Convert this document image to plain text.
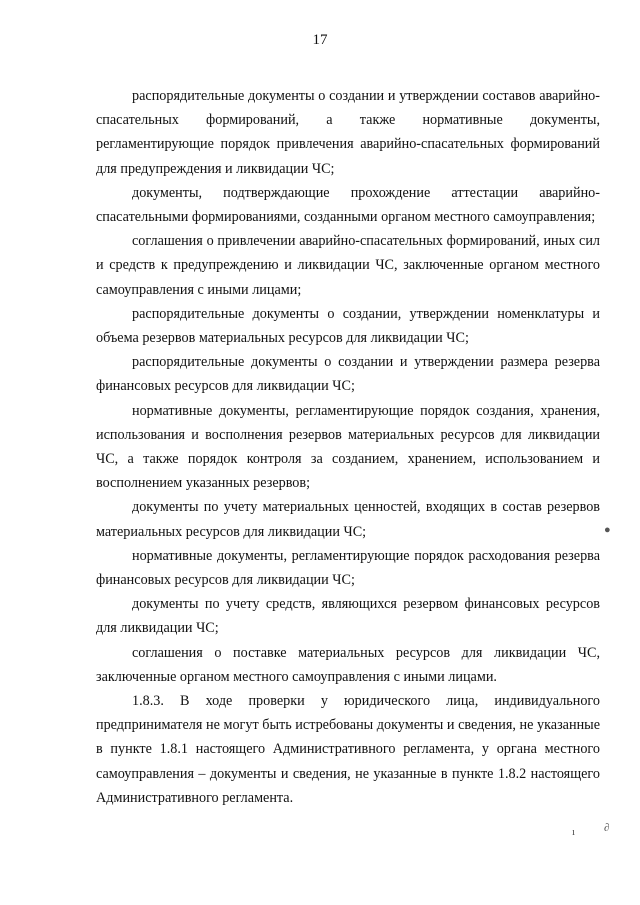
17

распорядительные документы о создании и утверждении составов аварийно-спасательных формирований, а также нормативные документы, регламентирующие порядок привлечения аварийно-спасательных формирований для предупреждения и ликвидации ЧС;

документы, подтверждающие прохождение аттестации аварийно-спасательными формированиями, созданными органом местного самоуправления;

соглашения о привлечении аварийно-спасательных формирований, иных сил и средств к предупреждению и ликвидации ЧС, заключенные органом местного самоуправления с иными лицами;

распорядительные документы о создании, утверждении номенклатуры и объема резервов материальных ресурсов для ликвидации ЧС;

распорядительные документы о создании и утверждении размера резерва финансовых ресурсов для ликвидации ЧС;

нормативные документы, регламентирующие порядок создания, хранения, использования и восполнения резервов материальных ресурсов для ликвидации ЧС, а также порядок контроля за созданием, хранением, использованием и восполнением указанных резервов;

документы по учету материальных ценностей, входящих в состав резервов материальных ресурсов для ликвидации ЧС;

нормативные документы, регламентирующие порядок расходования резерва финансовых ресурсов для ликвидации ЧС;

документы по учету средств, являющихся резервом финансовых ресурсов для ликвидации ЧС;

соглашения о поставке материальных ресурсов для ликвидации ЧС, заключенные органом местного самоуправления с иными лицами.

1.8.3. В ходе проверки у юридического лица, индивидуального предпринимателя не могут быть истребованы документы и сведения, не указанные в пункте 1.8.1 настоящего Административного регламента, у органа местного самоуправления – документы и сведения, не указанные в пункте 1.8.2 настоящего Административного регламента.

●
ı	∂
